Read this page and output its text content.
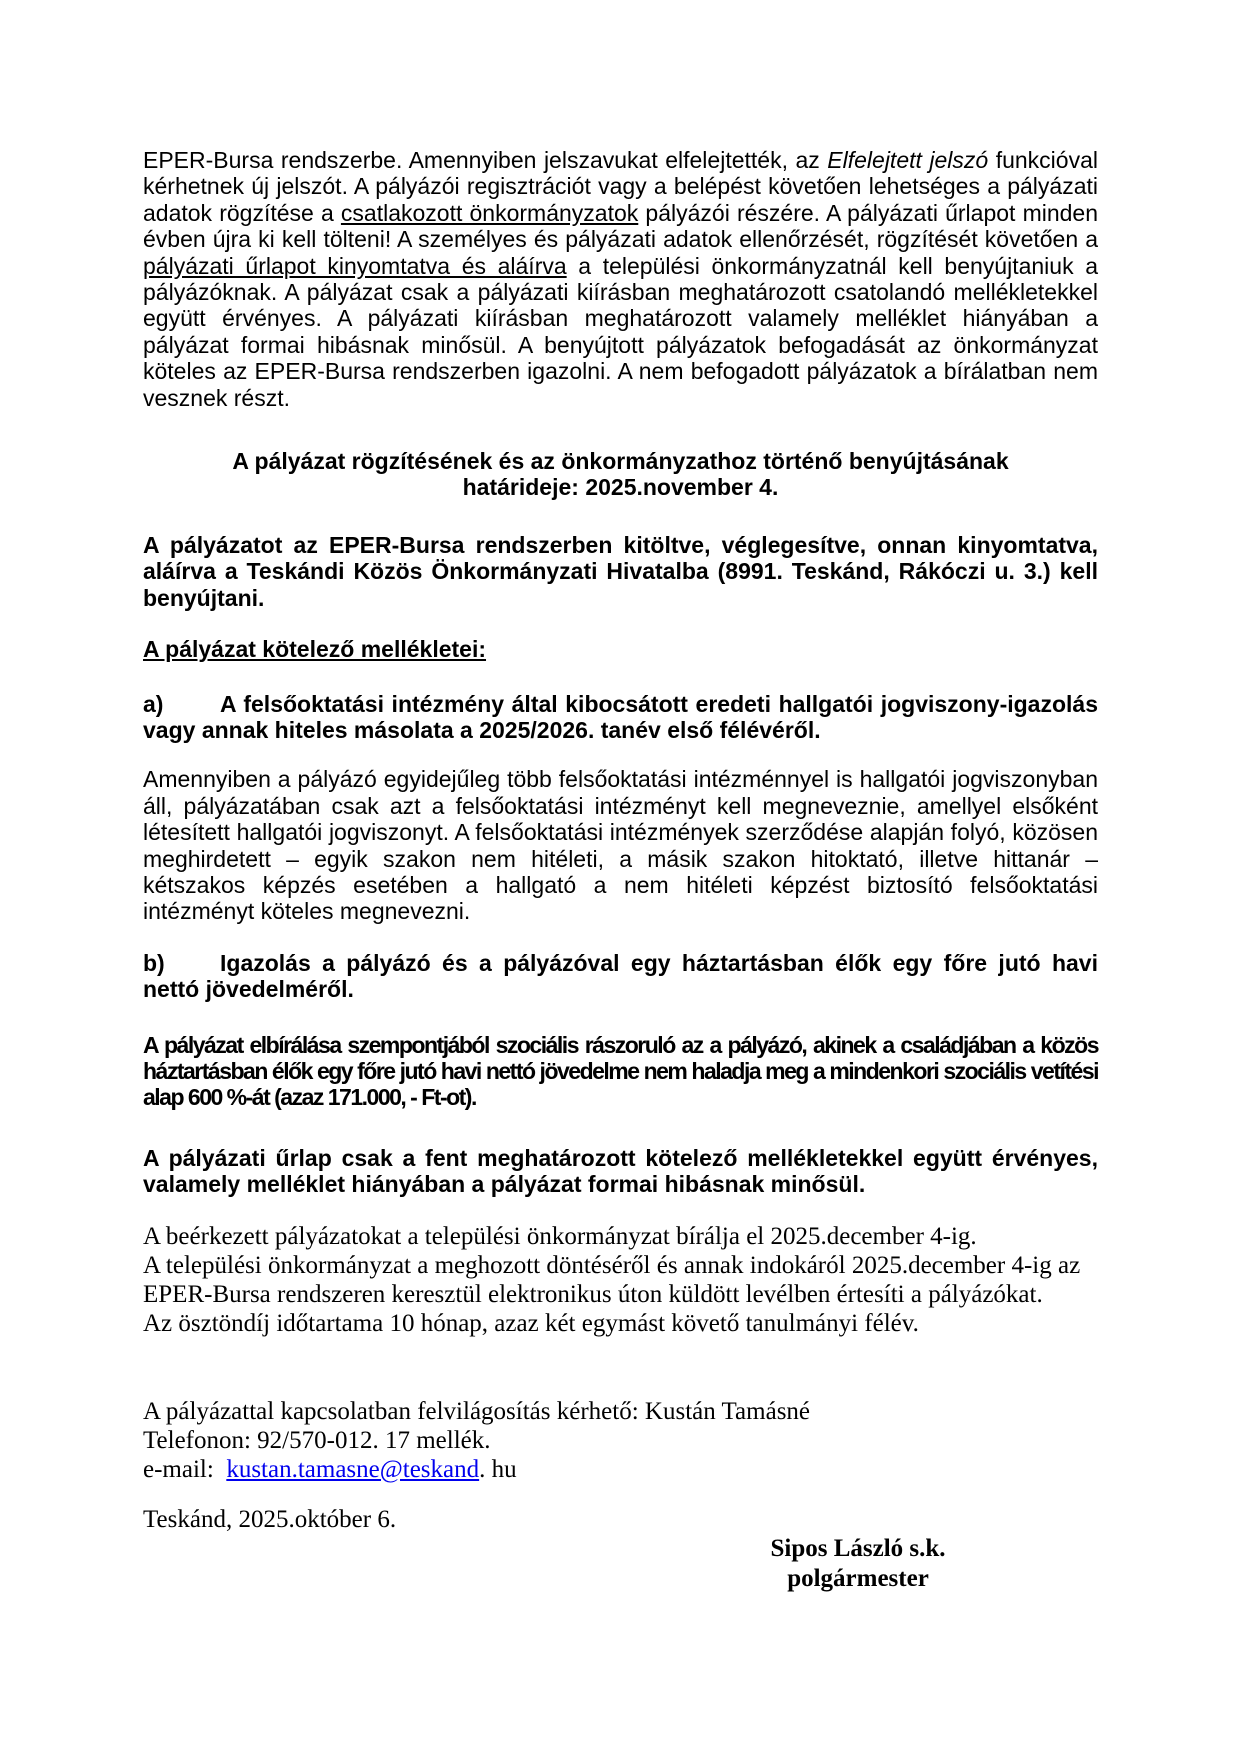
EPER-Bursa rendszerbe. Amennyiben jelszavukat elfelejtették, az Elfelejtett jelszó funkcióval kérhetnek új jelszót. A pályázói regisztrációt vagy a belépést követően lehetséges a pályázati adatok rögzítése a csatlakozott önkormányzatok pályázói részére. A pályázati űrlapot minden évben újra ki kell tölteni! A személyes és pályázati adatok ellenőrzését, rögzítését követően a pályázati űrlapot kinyomtatva és aláírva a települési önkormányzatnál kell benyújtaniuk a pályázóknak. A pályázat csak a pályázati kiírásban meghatározott csatolandó mellékletekkel együtt érvényes. A pályázati kiírásban meghatározott valamely melléklet hiányában a pályázat formai hibásnak minősül. A benyújtott pályázatok befogadását az önkormányzat köteles az EPER-Bursa rendszerben igazolni. A nem befogadott pályázatok a bírálatban nem vesznek részt.

A pályázat rögzítésének és az önkormányzathoz történő benyújtásának
határideje: 2025.november 4.

A pályázatot az EPER-Bursa rendszerben kitöltve, véglegesítve, onnan kinyomtatva, aláírva a Teskándi Közös Önkormányzati Hivatalba (8991. Teskánd, Rákóczi u. 3.) kell benyújtani.

A pályázat kötelező mellékletei:

a) A felsőoktatási intézmény által kibocsátott eredeti hallgatói jogviszony-igazolás vagy annak hiteles másolata a 2025/2026. tanév első félévéről.

Amennyiben a pályázó egyidejűleg több felsőoktatási intézménnyel is hallgatói jogviszonyban áll, pályázatában csak azt a felsőoktatási intézményt kell megneveznie, amellyel elsőként létesített hallgatói jogviszonyt. A felsőoktatási intézmények szerződése alapján folyó, közösen meghirdetett – egyik szakon nem hitéleti, a másik szakon hitoktató, illetve hittanár – kétszakos képzés esetében a hallgató a nem hitéleti képzést biztosító felsőoktatási intézményt köteles megnevezni.

b) Igazolás a pályázó és a pályázóval egy háztartásban élők egy főre jutó havi nettó jövedelméről.

A pályázat elbírálása szempontjából szociális rászoruló az a pályázó, akinek a családjában a közös háztartásban élők egy főre jutó havi nettó jövedelme nem haladja meg a mindenkori szociális vetítési alap 600 %-át (azaz 171.000, - Ft-ot).

A pályázati űrlap csak a fent meghatározott kötelező mellékletekkel együtt érvényes, valamely melléklet hiányában a pályázat formai hibásnak minősül.

A beérkezett pályázatokat a települési önkormányzat bírálja el 2025.december 4-ig.
A települési önkormányzat a meghozott döntéséről és annak indokáról 2025.december 4-ig az
EPER-Bursa rendszeren keresztül elektronikus úton küldött levélben értesíti a pályázókat.
Az ösztöndíj időtartama 10 hónap, azaz két egymást követő tanulmányi félév.
A pályázattal kapcsolatban felvilágosítás kérhető: Kustán Tamásné
Telefonon: 92/570-012. 17 mellék.
e-mail:  kustan.tamasne@teskand. hu
Teskánd, 2025.október 6.
Sipos László s.k.
polgármester
